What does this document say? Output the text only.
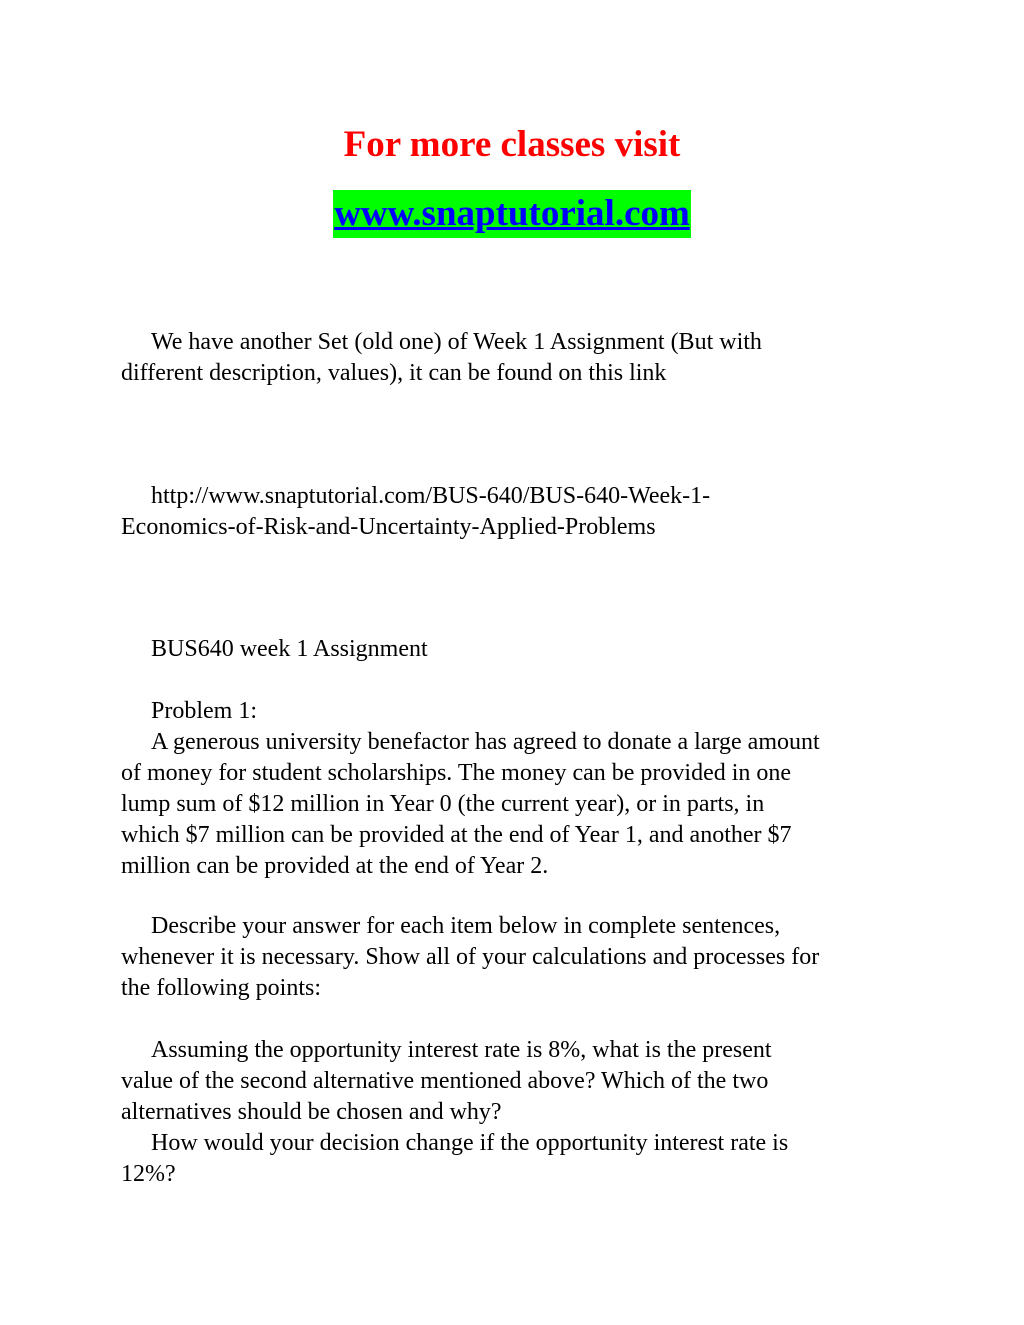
For more classes visit
www.snaptutorial.com

We have another Set (old one) of Week 1 Assignment (But with
different description, values), it can be found on this link

http://www.snaptutorial.com/BUS-640/BUS-640-Week-1-
Economics-of-Risk-and-Uncertainty-Applied-Problems

BUS640 week 1 Assignment

Problem 1:
A generous university benefactor has agreed to donate a large amount
of money for student scholarships. The money can be provided in one
lump sum of $12 million in Year 0 (the current year), or in parts, in
which $7 million can be provided at the end of Year 1, and another $7
million can be provided at the end of Year 2.

Describe your answer for each item below in complete sentences,
whenever it is necessary. Show all of your calculations and processes for
the following points:

Assuming the opportunity interest rate is 8%, what is the present
value of the second alternative mentioned above? Which of the two
alternatives should be chosen and why?
How would your decision change if the opportunity interest rate is
12%?
